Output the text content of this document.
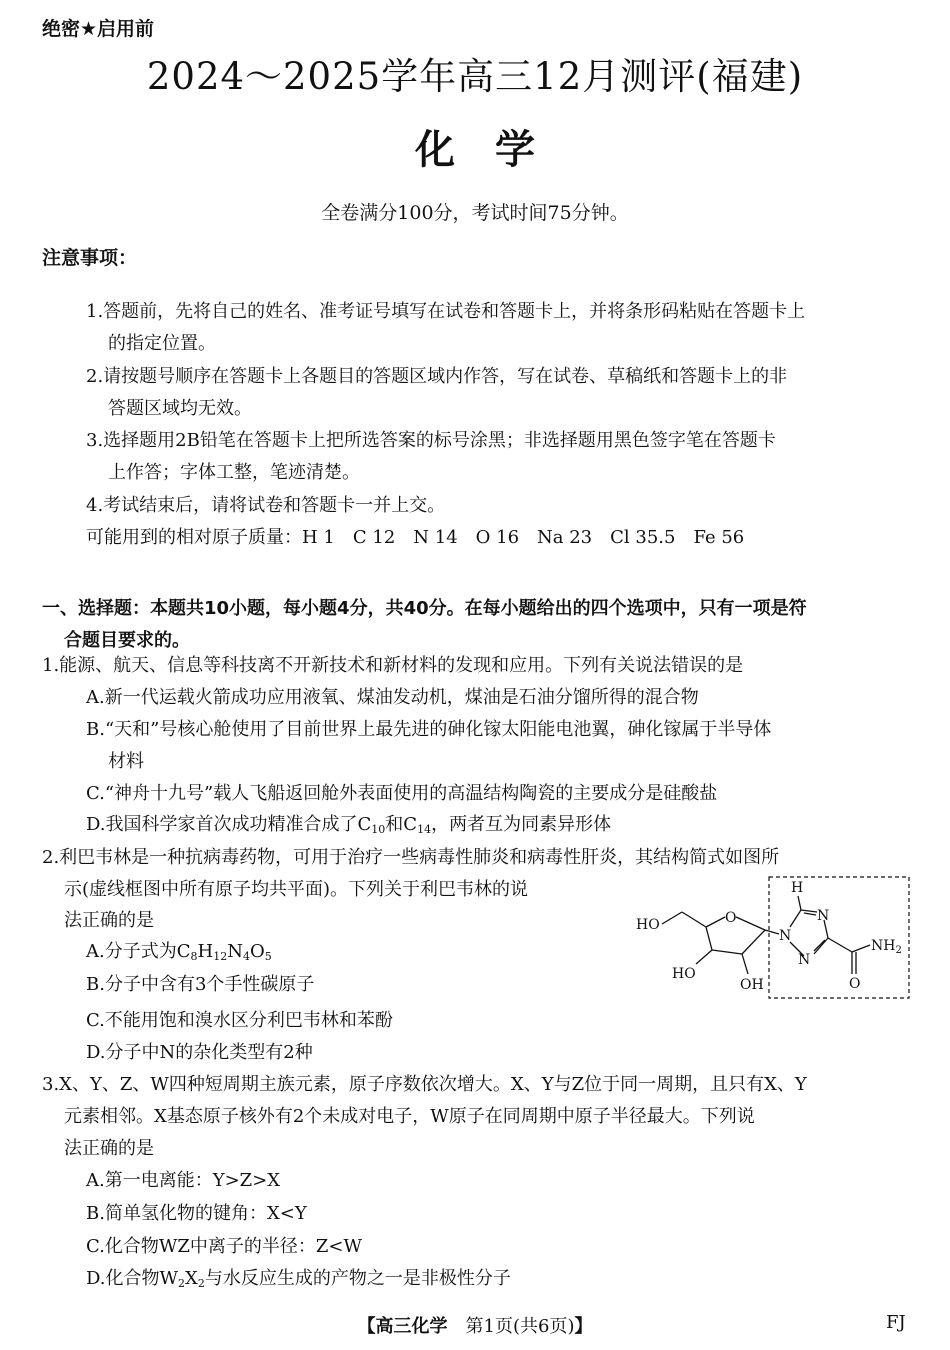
绝密★启用前
2024～2025学年高三12月测评(福建)
化学
全卷满分100分，考试时间75分钟。
注意事项：
1.答题前，先将自己的姓名、准考证号填写在试卷和答题卡上，并将条形码粘贴在答题卡上
的指定位置。
2.请按题号顺序在答题卡上各题目的答题区域内作答，写在试卷、草稿纸和答题卡上的非
答题区域均无效。
3.选择题用2B铅笔在答题卡上把所选答案的标号涂黑；非选择题用黑色签字笔在答题卡
上作答；字体工整，笔迹清楚。
4.考试结束后，请将试卷和答题卡一并上交。
可能用到的相对原子质量：H 1　C 12　N 14　O 16　Na 23　Cl 35.5　Fe 56
一、选择题：本题共10小题，每小题4分，共40分。在每小题给出的四个选项中，只有一项是符
合题目要求的。
1.能源、航天、信息等科技离不开新技术和新材料的发现和应用。下列有关说法错误的是
A.新一代运载火箭成功应用液氧、煤油发动机，煤油是石油分馏所得的混合物
B.“天和”号核心舱使用了目前世界上最先进的砷化镓太阳能电池翼，砷化镓属于半导体
材料
C.“神舟十九号”载人飞船返回舱外表面使用的高温结构陶瓷的主要成分是硅酸盐
D.我国科学家首次成功精准合成了$C_{10}$和$C_{14}$，两者互为同素异形体
2.利巴韦林是一种抗病毒药物，可用于治疗一些病毒性肺炎和病毒性肝炎，其结构简式如图所
示(虚线框图中所有原子均共平面)。下列关于利巴韦林的说
法正确的是
A.分子式为$C_8H_{12}N_4O_5$
B.分子中含有3个手性碳原子
C.不能用饱和溴水区分利巴韦林和苯酚
D.分子中N的杂化类型有2种
HO	O
HO
OH
H
N
N
N
$NH_2$
O
3.X、Y、Z、W四种短周期主族元素，原子序数依次增大。X、Y与Z位于同一周期，且只有X、Y
元素相邻。X基态原子核外有2个未成对电子，W原子在同周期中原子半径最大。下列说
法正确的是
A.第一电离能：Y>Z>X
B.简单氢化物的键角：X<Y
C.化合物WZ中离子的半径：Z<W
D.化合物$W_2X_2$与水反应生成的产物之一是非极性分子
【高三化学　第1页(共6页)】	FJ
